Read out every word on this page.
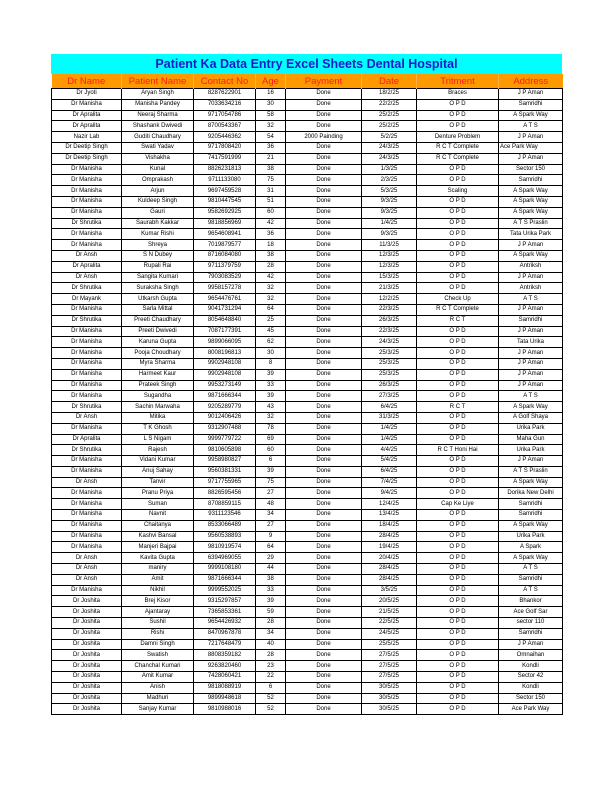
Patient Ka Data Entry Excel Sheets Dental Hospital
Dr Name	Patient Name	Contact No	Age	Payment	Date	Tritment	Address
Dr Jyoti	Aryan Singh	8287622901	16	Done	18/2/25	Braces	J P Aman
Dr Manisha	Manisha Pandey	7033634216	30	Done	22/2/25	O P D	Samridhi
Dr Apralita	Neeraj Sharma	9717054786	58	Done	25/2/25	O P D	A Spark Way
Dr Apralita	Shashank Dwivedi	8700543367	32	Done	25/2/25	O P D	A T S
Nazir Lab	Guditi Chaudhary	9205446362	54	2000 Painding	5/2/25	Denture Problem	J P Aman
Dr Deetip Singh	Swati Yadav	9717808420	36	Done	24/3/25	R C T Complete	Ace Park Way
Dr Deetip Singh	Vishakha	7417591999	21	Done	24/3/25	R C T Complete	J P Aman
Dr Manisha	Kunal	8826231813	38	Done	1/3/25	O P D	Sector 150
Dr Manisha	Omprakash	9711133080	75	Done	2/3/25	O P D	Samridhi
Dr Manisha	Arjun	9697459528	31	Done	5/3/25	Scaling	A Spark Way
Dr Manisha	Kuldeep Singh	9810447545	51	Done	9/3/25	O P D	A Spark Way
Dr Manisha	Gauri	9582692925	60	Done	9/3/25	O P D	A Spark Way
Dr Shrutika	Saurabh Kakkar	9818856969	42	Done	1/4/25	O P D	A T S Praslin
Dr Manisha	Kumar Rishi	9654608941	36	Done	9/3/25	O P D	Tata Urika Park
Dr Manisha	Shreya	7019879577	18	Done	11/3/25	O P D	J P Aman
Dr Ansh	S N Dubey	8716084080	38	Done	12/3/25	O P D	A Spark Way
Dr Apralita	Rupali Rai	9711379759	28	Done	12/3/25	O P D	Antriksh
Dr Ansh	Sangita Kumari	7903083529	42	Done	15/3/25	O P D	J P Aman
Dr Shrutika	Suraksha Singh	9958157278	32	Done	21/3/25	O P D	Antriksh
Dr Mayank	Utkarsh Gupta	9654476761	32	Done	12/2/25	Check Up	A T S
Dr Manisha	Sarla Mittal	9041731294	64	Done	22/3/25	R C T Complete	J P Aman
Dr Shrutika	Preeti Chaudhary	8054648840	25	Done	26/3/25	R C T	Samridhi
Dr Manisha	Preeti Dwivedi	7087177391	45	Done	22/3/25	O P D	J P Aman
Dr Manisha	Karuna Gupta	9899066095	62	Done	24/3/25	O P D	Tata Urika
Dr Manisha	Pooja Choudhary	8008196813	30	Done	25/3/25	O P D	J P Aman
Dr Manisha	Myra Sharma	9902948108	8	Done	25/3/25	O P D	J P Aman
Dr Manisha	Harmeet Kaur	9902948108	39	Done	25/3/25	O P D	J P Aman
Dr Manisha	Prateek Singh	9953273149	33	Done	26/3/25	O P D	J P Aman
Dr Manisha	Sugandha	9871666344	39	Done	27/3/25	O P D	A T S
Dr Shrutika	Sachin Marwaha	9205289779	43	Done	6/4/25	R C T	A Spark Way
Dr Ansh	Mitika	9012406426	32	Done	31/3/25	O P D	A Golf Shaya
Dr Manisha	T K Ghosh	9312907488	78	Done	1/4/25	O P D	Urika Park
Dr Apralita	L S Nigam	9999779722	69	Done	1/4/25	O P D	Maha Gun
Dr Shrutika	Rajesh	9810605898	60	Done	4/4/25	R C T Honi Hai	Urika Park
Dr Manisha	Vidani Kumar	9958980827	6	Done	5/4/25	O P D	J P Aman
Dr Manisha	Anuj Sahay	9560381331	39	Done	6/4/25	O P D	A T S Praslin
Dr Ansh	Tanvir	9717755965	75	Done	7/4/25	O P D	A Spark Way
Dr Manisha	Pranu Priya	8826595456	27	Done	9/4/25	O P D	Dorika New Delhi
Dr Manisha	Suman	8708859115	48	Done	12/4/25	Cap Ke Liye	Samridhi
Dr Manisha	Navnit	9311123546	34	Done	13/4/25	O P D	Samridhi
Dr Manisha	Chaitanya	8533066489	27	Done	18/4/25	O P D	A Spark Way
Dr Manisha	Kashvi Bansal	9560538893	9	Done	28/4/25	O P D	Urika Park
Dr Manisha	Manjeri Bajpai	9810919574	64	Done	19/4/25	O P D	A Spark
Dr Ansh	Kavita Gupta	6394969055	29	Done	20/4/25	O P D	A Spark Way
Dr Ansh	maniry	9999108180	44	Done	28/4/25	O P D	A T S
Dr Ansh	Amit	9871666344	38	Done	28/4/25	O P D	Samridhi
Dr Manisha	Nikhil	9999552025	33	Done	3/5/25	O P D	A T S
Dr Joshita	Brej Kisor	9315297857	39	Done	20/5/25	O P D	Bhankor
Dr Joshita	Ajantaray	7365853361	59	Done	21/5/25	O P D	Ace Golf Sar
Dr Joshita	Sushil	9654426932	28	Done	22/5/25	O P D	sector 110
Dr Joshita	Rishi	8470967878	34	Done	24/5/25	O P D	Samridhi
Dr Joshita	Damni Singh	7217648479	40	Done	25/5/25	O P D	J P Aman
Dr Joshita	Swatish	8808359182	28	Done	27/5/25	O P D	Omnaihan
Dr Joshita	Chanchal Kumari	9263820460	23	Done	27/5/25	O P D	Kondli
Dr Joshita	Amit Kumar	7428060421	22	Done	27/5/25	O P D	Sector 42
Dr Joshita	Anish	9818088919	6	Done	30/5/25	O P D	Kondli
Dr Joshita	Madhuri	9899948618	52	Done	30/5/25	O P D	Sector 150
Dr Joshita	Sanjay Kumar	9810988016	52	Done	30/5/25	O P D	Ace Park Way
